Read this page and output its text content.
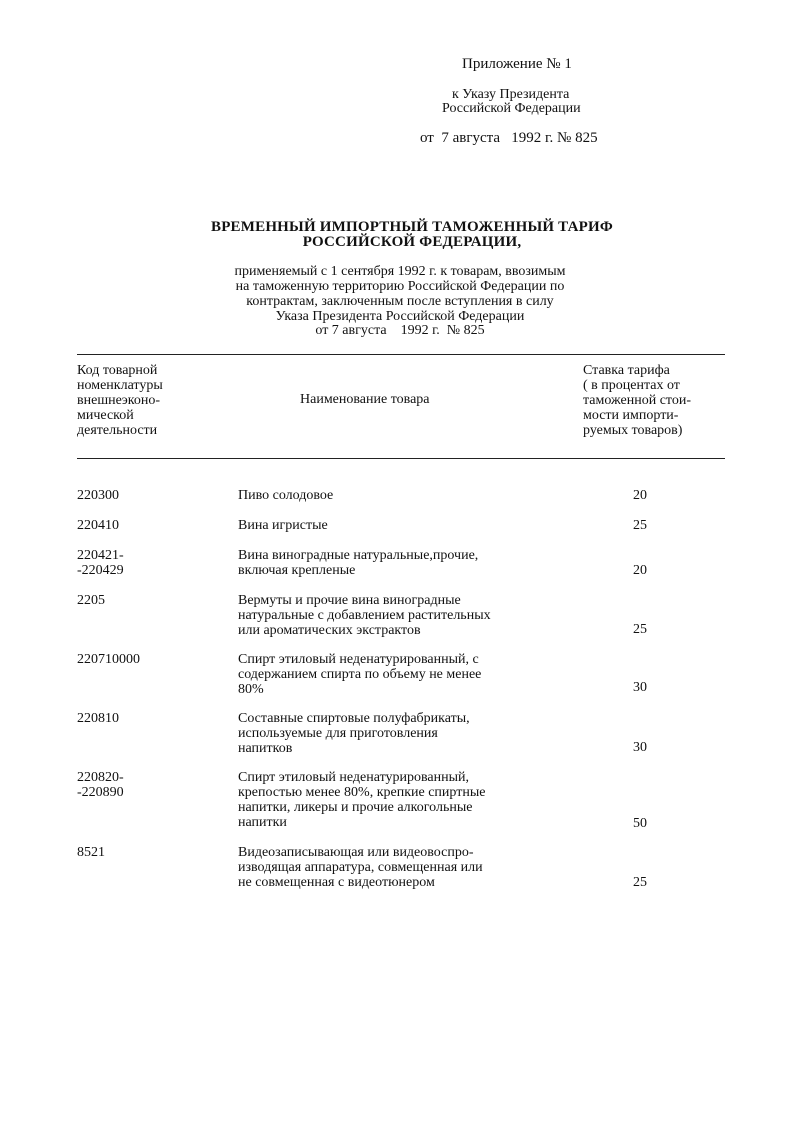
Приложение № 1
к Указу Президента
Российской Федерации
от  7 августа   1992 г. № 825
ВРЕМЕННЫЙ ИМПОРТНЫЙ ТАМОЖЕННЫЙ ТАРИФ
РОССИЙСКОЙ ФЕДЕРАЦИИ,
применяемый с 1 сентября 1992 г. к товарам, ввозимым
на таможенную территорию Российской Федерации по
контрактам, заключенным после вступления в силу
Указа Президента Российской Федерации
от 7 августа    1992 г.  № 825
Код товарной
номенклатуры
внешнеэконо-
мической
деятельности
Наименование товара
Ставка тарифа
( в процентах от
таможенной стои-
мости импорти-
руемых товаров)
220300	Пиво солодовое	20
220410	Вина игристые	25
220421-
-220429
Вина виноградные натуральные,прочие,
включая крепленые	20
2205	Вермуты и прочие вина виноградные
натуральные с добавлением растительных
или ароматических экстрактов	25
220710000	Спирт этиловый неденатурированный, с
содержанием спирта по объему не менее
80%	30
220810	Составные спиртовые полуфабрикаты,
используемые для приготовления
напитков	30
220820-
-220890
Спирт этиловый неденатурированный,
крепостью менее 80%, крепкие спиртные
напитки, ликеры и прочие алкогольные
напитки	50
8521	Видеозаписывающая или видеовоспро-
изводящая аппаратура, совмещенная или
не совмещенная с видеотюнером	25
